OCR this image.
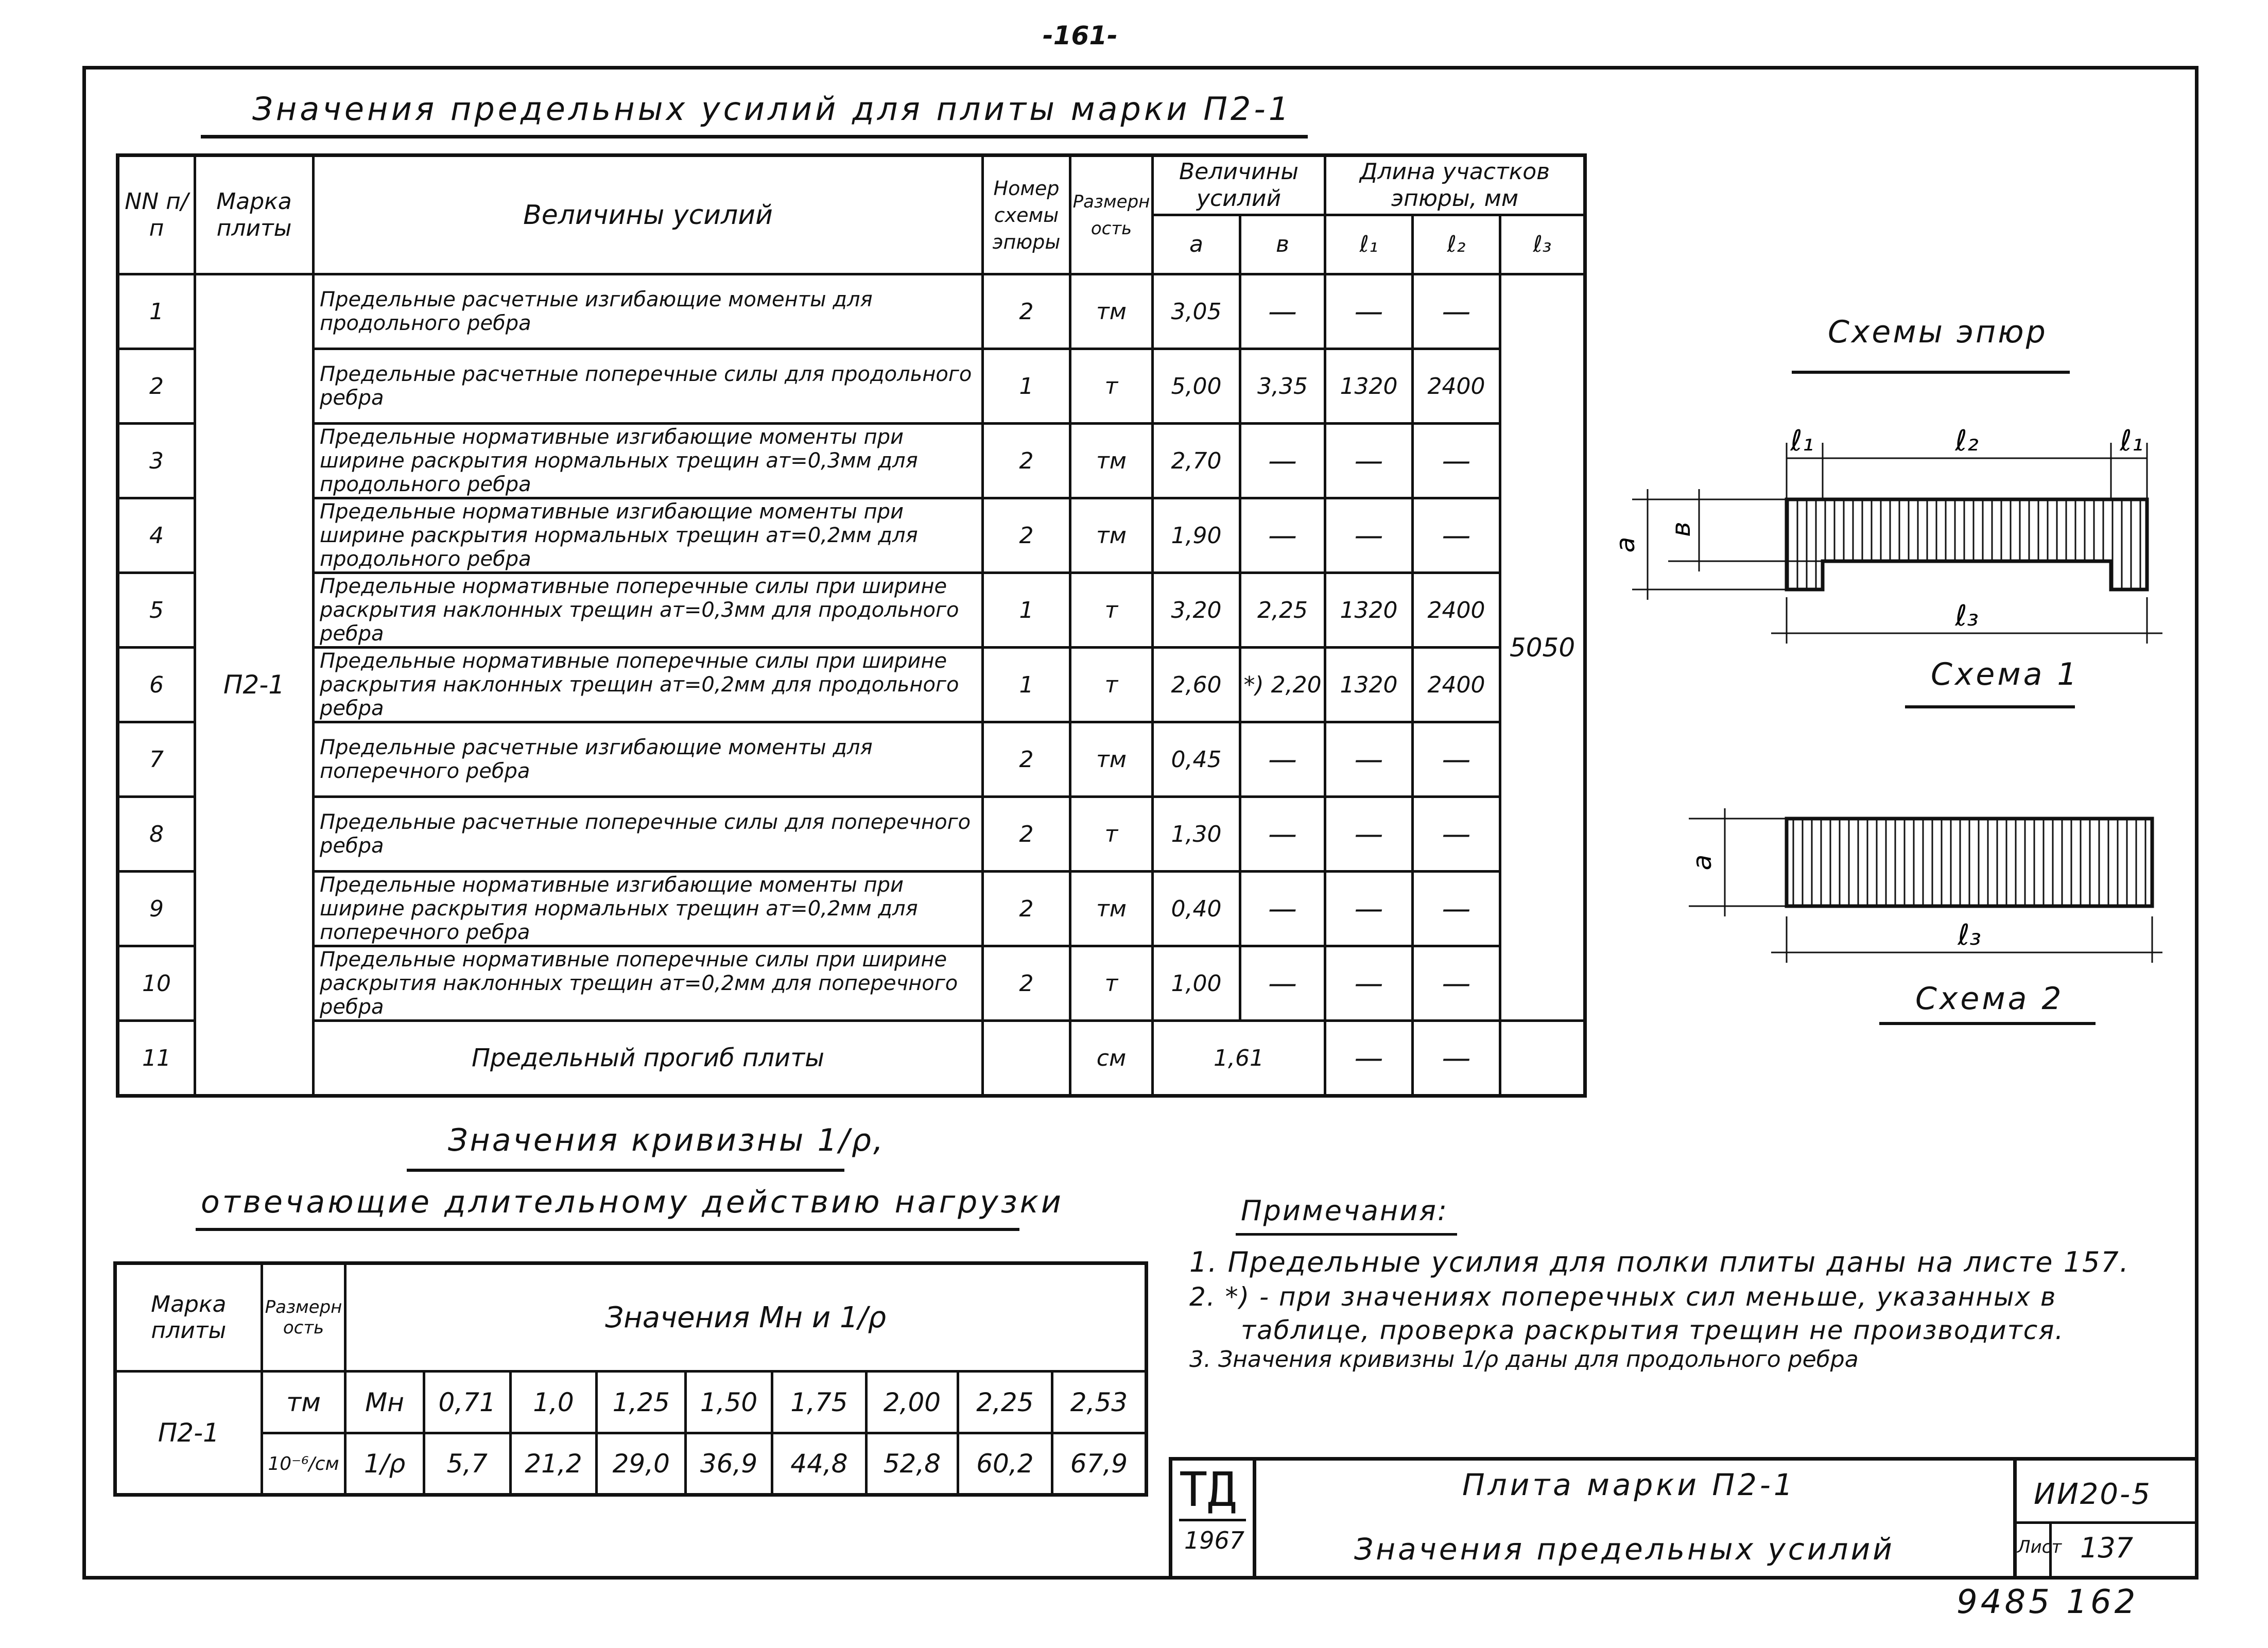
-161-
Значения предельных усилий для плиты марки П2-1
NN п/п	Марка плиты	Величины усилий	Номер схемы эпюры	Размерность	Величины усилий		Длина участков эпюры, мм		
					a	в	ℓ₁	ℓ₂	ℓ₃
1	П2-1	Предельные расчетные изгибающие моменты для продольного ребра	2	тм	3,05	—	—	—	5050
2		Предельные расчетные поперечные силы для продольного ребра	1	т	5,00	3,35	1320	2400	
3		Предельные нормативные изгибающие моменты при ширине раскрытия нормальных трещин aт=0,3мм для продольного ребра	2	тм	2,70	—	—	—	
4		Предельные нормативные изгибающие моменты при ширине раскрытия нормальных трещин aт=0,2мм для продольного ребра	2	тм	1,90	—	—	—	
5		Предельные нормативные поперечные силы при ширине раскрытия наклонных трещин aт=0,3мм для продольного ребра	1	т	3,20	2,25	1320	2400	
6		Предельные нормативные поперечные силы при ширине раскрытия наклонных трещин aт=0,2мм для продольного ребра	1	т	2,60	*) 2,20	1320	2400	
7		Предельные расчетные изгибающие моменты для поперечного ребра	2	тм	0,45	—	—	—	
8		Предельные расчетные поперечные силы для поперечного ребра	2	т	1,30	—	—	—	
9		Предельные нормативные изгибающие моменты при ширине раскрытия нормальных трещин aт=0,2мм для поперечного ребра	2	тм	0,40	—	—	—	
10		Предельные нормативные поперечные силы при ширине раскрытия наклонных трещин aт=0,2мм для поперечного ребра	2	т	1,00	—	—	—	
11		Предельный прогиб плиты		см	1,61		—	—	
Схемы эпюр
ℓ₁	ℓ₂	ℓ₁
ℓ₃
a
в
Схема 1
a
ℓ₃
Схема 2
Значения кривизны 1/ρ,
отвечающие длительному действию нагрузки
Марка плиты	Размерность	Значения Мн и 1/ρ								
П2-1	тм	Мн	0,71	1,0	1,25	1,50	1,75	2,00	2,25	2,53
	10⁻⁶/см	1/ρ	5,7	21,2	29,0	36,9	44,8	52,8	60,2	67,9
Примечания:
1. Предельные усилия для полки плиты даны на листе 157.
2. *) - при значениях поперечных сил меньше, указанных в
таблице, проверка раскрытия трещин не производится.
3. Значения кривизны 1/ρ даны для продольного ребра
ТД
1967
Плита марки П2-1
Значения предельных усилий
ИИ20-5
Лист 137
9485 162
